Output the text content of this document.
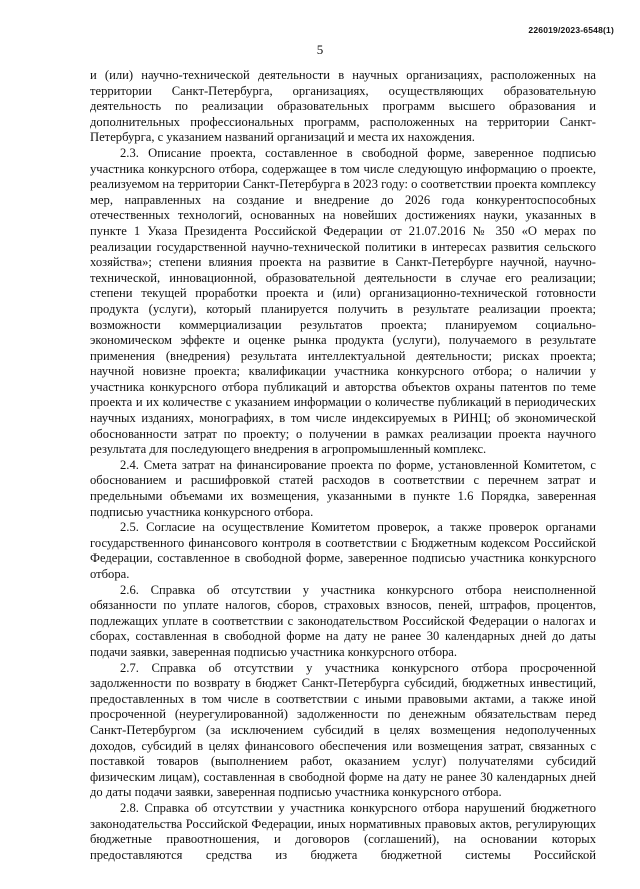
226019/2023-6548(1)
5

и (или) научно-технической деятельности в научных организациях, расположенных на территории Санкт-Петербурга, организациях, осуществляющих образовательную деятельность по реализации образовательных программ высшего образования и дополнительных профессиональных программ, расположенных на территории Санкт-Петербурга, с указанием названий организаций и места их нахождения.

2.3. Описание проекта, составленное в свободной форме, заверенное подписью участника конкурсного отбора, содержащее в том числе следующую информацию о проекте, реализуемом на территории Санкт-Петербурга в 2023 году: о соответствии проекта комплексу мер, направленных на создание и внедрение до 2026 года конкурентоспособных отечественных технологий, основанных на новейших достижениях науки, указанных в пункте 1 Указа Президента Российской Федерации от 21.07.2016 № 350 «О мерах по реализации государственной научно-технической политики в интересах развития сельского хозяйства»; степени влияния проекта на развитие в Санкт-Петербурге научной, научно-технической, инновационной, образовательной деятельности в случае его реализации; степени текущей проработки проекта и (или) организационно-технической готовности продукта (услуги), который планируется получить в результате реализации проекта; возможности коммерциализации результатов проекта; планируемом социально-экономическом эффекте и оценке рынка продукта (услуги), получаемого в результате применения (внедрения) результата интеллектуальной деятельности; рисках проекта; научной новизне проекта; квалификации участника конкурсного отбора; о наличии у участника конкурсного отбора публикаций и авторства объектов охраны патентов по теме проекта и их количестве с указанием информации о количестве публикаций в периодических научных изданиях, монографиях, в том числе индексируемых в РИНЦ; об экономической обоснованности затрат по проекту; о получении в рамках реализации проекта научного результата для последующего внедрения в агропромышленный комплекс.

2.4. Смета затрат на финансирование проекта по форме, установленной Комитетом, с обоснованием и расшифровкой статей расходов в соответствии с перечнем затрат и предельными объемами их возмещения, указанными в пункте 1.6 Порядка, заверенная подписью участника конкурсного отбора.

2.5. Согласие на осуществление Комитетом проверок, а также проверок органами государственного финансового контроля в соответствии с Бюджетным кодексом Российской Федерации, составленное в свободной форме, заверенное подписью участника конкурсного отбора.

2.6. Справка об отсутствии у участника конкурсного отбора неисполненной обязанности по уплате налогов, сборов, страховых взносов, пеней, штрафов, процентов, подлежащих уплате в соответствии с законодательством Российской Федерации о налогах и сборах, составленная в свободной форме на дату не ранее 30 календарных дней до даты подачи заявки, заверенная подписью участника конкурсного отбора.

2.7. Справка об отсутствии у участника конкурсного отбора просроченной задолженности по возврату в бюджет Санкт-Петербурга субсидий, бюджетных инвестиций, предоставленных в том числе в соответствии с иными правовыми актами, а также иной просроченной (неурегулированной) задолженности по денежным обязательствам перед Санкт-Петербургом (за исключением субсидий в целях возмещения недополученных доходов, субсидий в целях финансового обеспечения или возмещения затрат, связанных с поставкой товаров (выполнением работ, оказанием услуг) получателями субсидий физическим лицам), составленная в свободной форме на дату не ранее 30 календарных дней до даты подачи заявки, заверенная подписью участника конкурсного отбора.

2.8. Справка об отсутствии у участника конкурсного отбора нарушений бюджетного законодательства Российской Федерации, иных нормативных правовых актов, регулирующих бюджетные правоотношения, и договоров (соглашений), на основании которых предоставляются средства из бюджета бюджетной системы Российской
